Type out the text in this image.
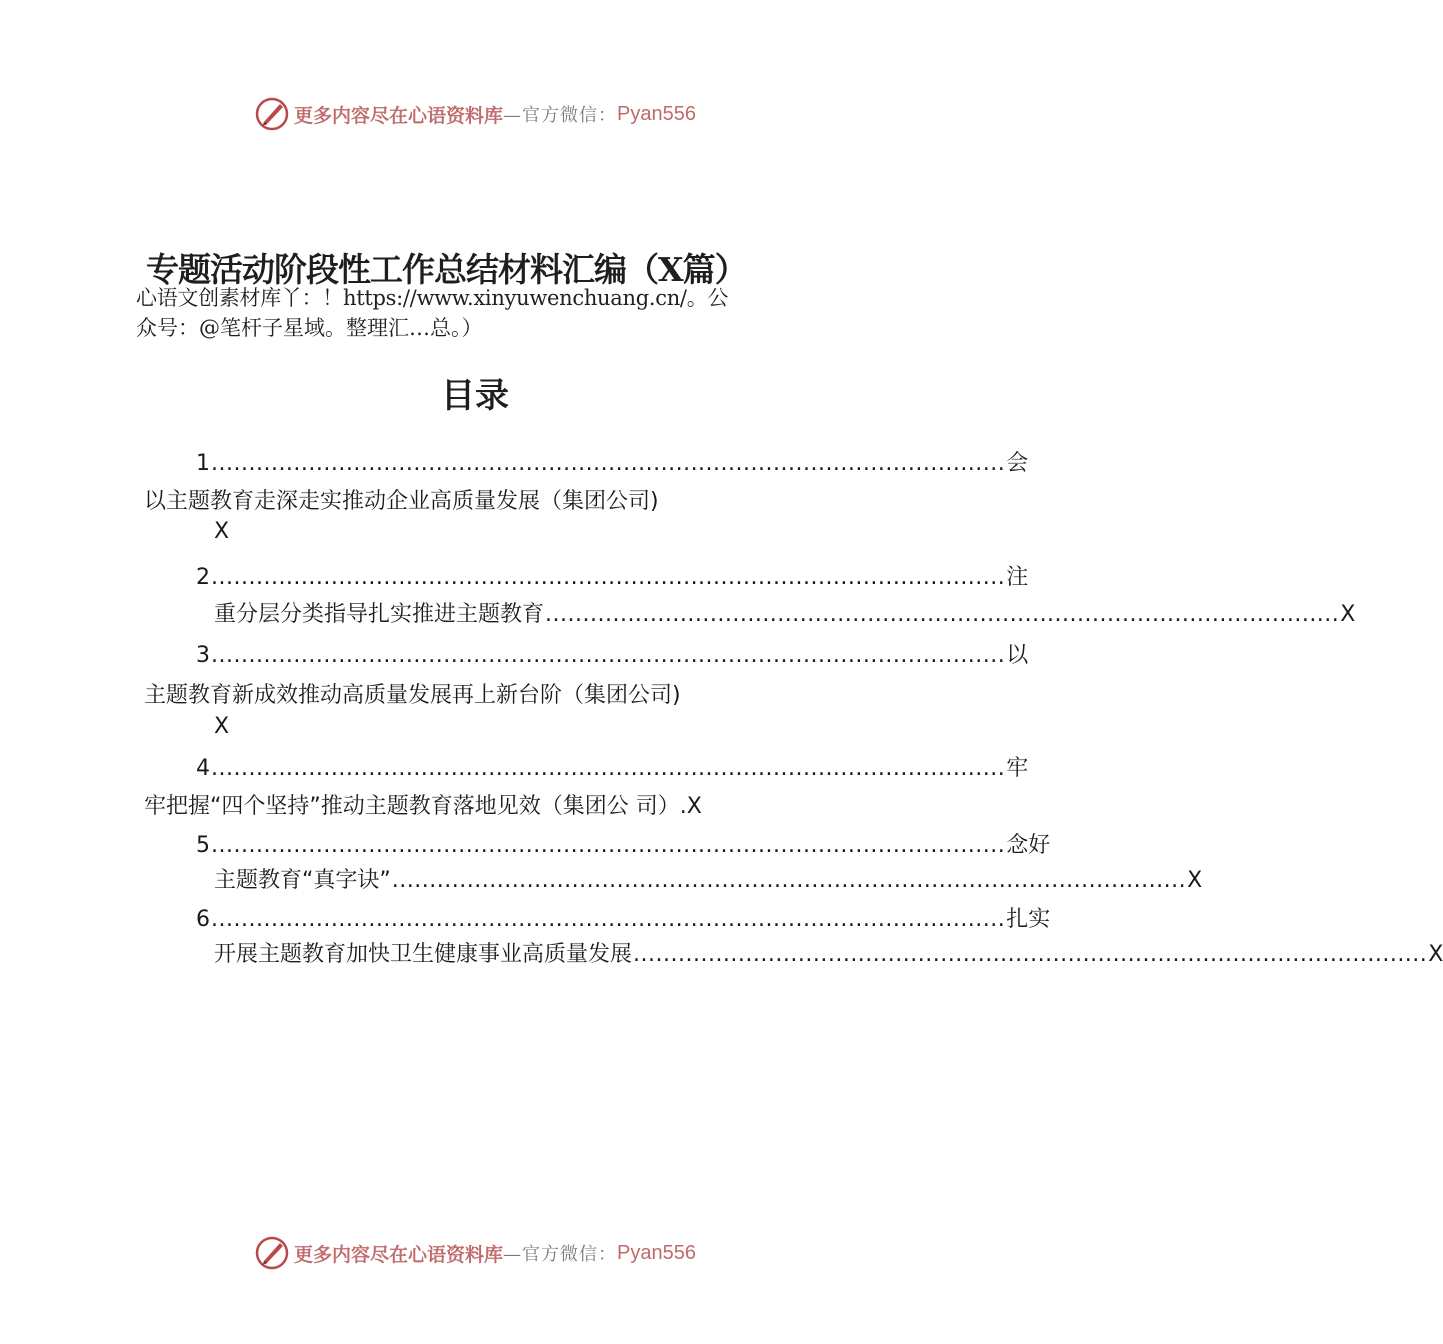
更多内容尽在心语资料库 —官方微信： Pyan556
专题活动阶段性工作总结材料汇编（X篇）
心语文创素材库丫：！https://www.xinyuwenchuang.cn/。公
众号：@笔杆子星域。整理汇…总。）
目录
1 .......................................................................................................... 会
以主题教育走深走实推动企业高质量发展（集团公司)
X
2 .......................................................................................................... 注
重分层分类指导扎实推进主题教育 .......................................................................................................... X
3 .......................................................................................................... 以
主题教育新成效推动高质量发展再上新台阶（集团公司)
X
4 .......................................................................................................... 牢
牢把握“四个坚持”推动主题教育落地见效（集团公 司）. X
5 .......................................................................................................... 念好
主题教育“真字诀” .......................................................................................................... X
6 .......................................................................................................... 扎实
开展主题教育加快卫生健康事业高质量发展 .......................................................................................................... X
更多内容尽在心语资料库 —官方微信： Pyan556
